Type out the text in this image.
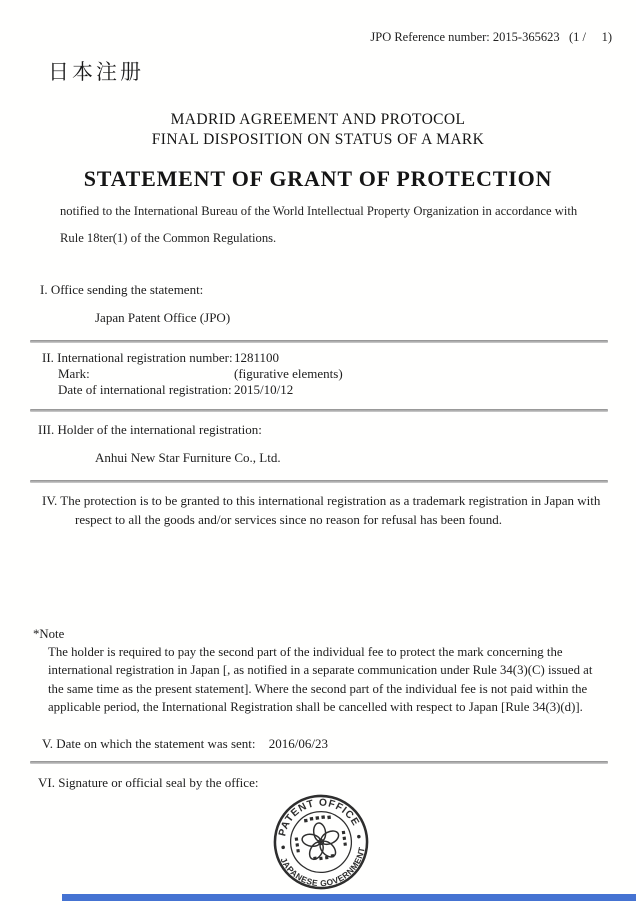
JPO Reference number: 2015-365623   (1 /     1)
日本注册
MADRID AGREEMENT AND PROTOCOL
FINAL DISPOSITION ON STATUS OF A MARK
STATEMENT OF GRANT OF PROTECTION
notified to the International Bureau of the World Intellectual Property Organization in accordance with Rule 18ter(1) of the Common Regulations.
I. Office sending the statement:
Japan Patent Office (JPO)
II. International registration number: 1281100
Mark:	(figurative elements)
Date of international registration: 2015/10/12
III. Holder of the international registration:
Anhui New Star Furniture Co., Ltd.
IV. The protection is to be granted to this international registration as a trademark registration in Japan with respect to all the goods and/or services since no reason for refusal has been found.
*Note
The holder is required to pay the second part of the individual fee to protect the mark concerning the international registration in Japan [, as notified in a separate communication under Rule 34(3)(C) issued at the same time as the present statement]. Where the second part of the individual fee is not paid within the applicable period, the International Registration shall be cancelled with respect to Japan [Rule 34(3)(d)].
V. Date on which the statement was sent: 2016/06/23
VI. Signature or official seal by the office:
PATENT OFFICE
JAPANESE GOVERNMENT
